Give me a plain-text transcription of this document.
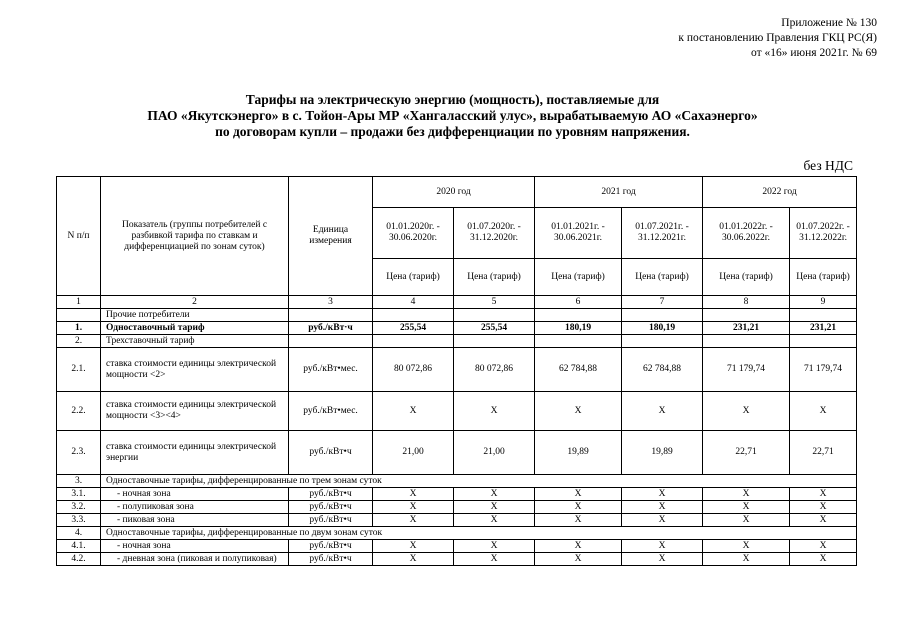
Приложение № 130
к постановлению Правления ГКЦ РС(Я)
от «16» июня 2021г. № 69
Тарифы на электрическую энергию (мощность), поставляемые для
ПАО «Якутскэнерго» в с. Тойон-Ары МР «Хангаласский улус», вырабатываемую АО «Сахаэнерго»
по договорам купли – продажи без дифференциации по уровням напряжения.
без НДС
N п/п	Показатель (группы потребителей с разбивкой тарифа по ставкам и дифференциацией по зонам суток)	Единица измерения	2020 год		2021 год		2022 год	
			01.01.2020г. - 30.06.2020г.	01.07.2020г. - 31.12.2020г.	01.01.2021г. - 30.06.2021г.	01.07.2021г. - 31.12.2021г.	01.01.2022г. - 30.06.2022г.	01.07.2022г. - 31.12.2022г.
			Цена (тариф)	Цена (тариф)	Цена (тариф)	Цена (тариф)	Цена (тариф)	Цена (тариф)
1	2	3	4	5	6	7	8	9
	Прочие потребители							
1.	Одноставочный тариф	руб./кВт·ч	255,54	255,54	180,19	180,19	231,21	231,21
2.	Трехставочный тариф							
2.1.	ставка стоимости единицы электрической мощности <2>	руб./кВт•мес.	80 072,86	80 072,86	62 784,88	62 784,88	71 179,74	71 179,74
2.2.	ставка стоимости единицы электрической мощности <3><4>	руб./кВт•мес.	X	X	X	X	X	X
2.3.	ставка стоимости единицы электрической энергии	руб./кВт•ч	21,00	21,00	19,89	19,89	22,71	22,71
3.	Одноставочные тарифы, дифференцированные по трем зонам суток							
3.1.	- ночная зона	руб./кВт•ч	X	X	X	X	X	X
3.2.	- полупиковая зона	руб./кВт•ч	X	X	X	X	X	X
3.3.	- пиковая зона	руб./кВт•ч	X	X	X	X	X	X
4.	Одноставочные тарифы, дифференцированные по двум зонам суток							
4.1.	- ночная зона	руб./кВт•ч	X	X	X	X	X	X
4.2.	- дневная зона (пиковая и полупиковая)	руб./кВт•ч	X	X	X	X	X	X
